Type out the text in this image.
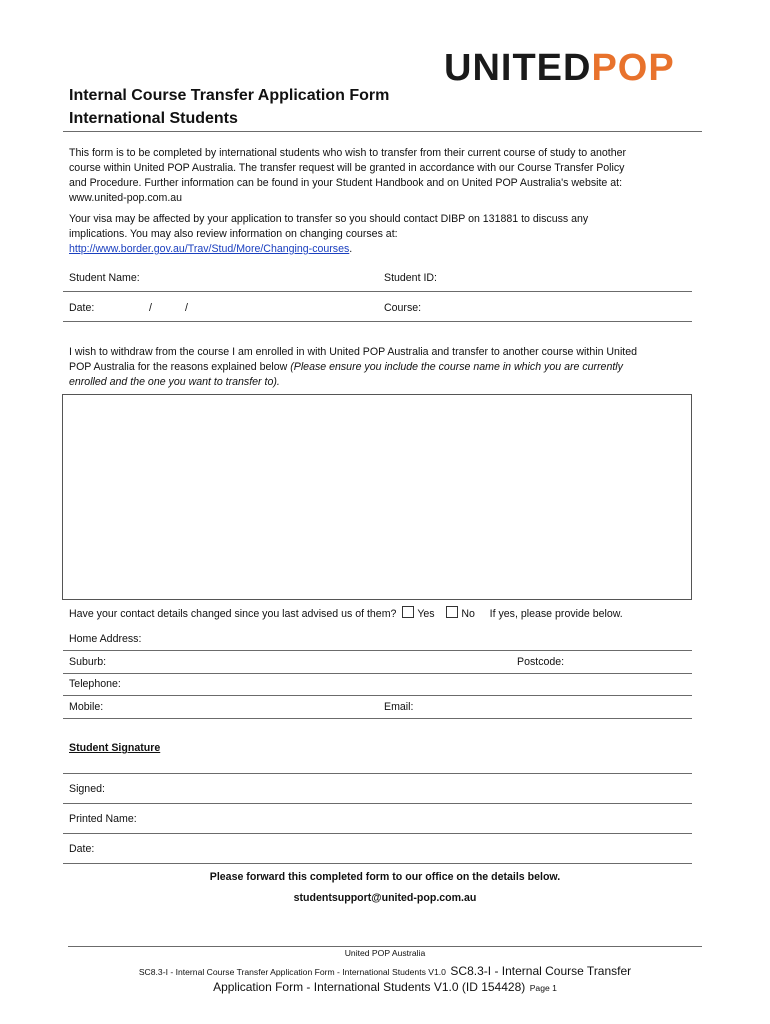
UNITEDPOP
Internal Course Transfer Application Form
International Students
This form is to be completed by international students who wish to transfer from their current course of study to another
course within United POP Australia. The transfer request will be granted in accordance with our Course Transfer Policy
and Procedure. Further information can be found in your Student Handbook and on United POP Australia's website at:
www.united-pop.com.au
Your visa may be affected by your application to transfer so you should contact DIBP on 131881 to discuss any
implications. You may also review information on changing courses at:
http://www.border.gov.au/Trav/Stud/More/Changing-courses.
Student Name:	Student ID:
Date:	/	/	Course:
I wish to withdraw from the course I am enrolled in with United POP Australia and transfer to another course within United
POP Australia for the reasons explained below (Please ensure you include the course name in which you are currently
enrolled and the one you want to transfer to).
Have your contact details changed since you last advised us of them? Yes	No If yes, please provide below.
Home Address:
Suburb:	Postcode:
Telephone:
Mobile:	Email:
Student Signature
Signed:
Printed Name:
Date:
Please forward this completed form to our office on the details below.
studentsupport@united-pop.com.au
United POP Australia
SC8.3-I - Internal Course Transfer Application Form - International Students V1.0 SC8.3-I - Internal Course Transfer
Application Form - International Students V1.0 (ID 154428) Page 1
